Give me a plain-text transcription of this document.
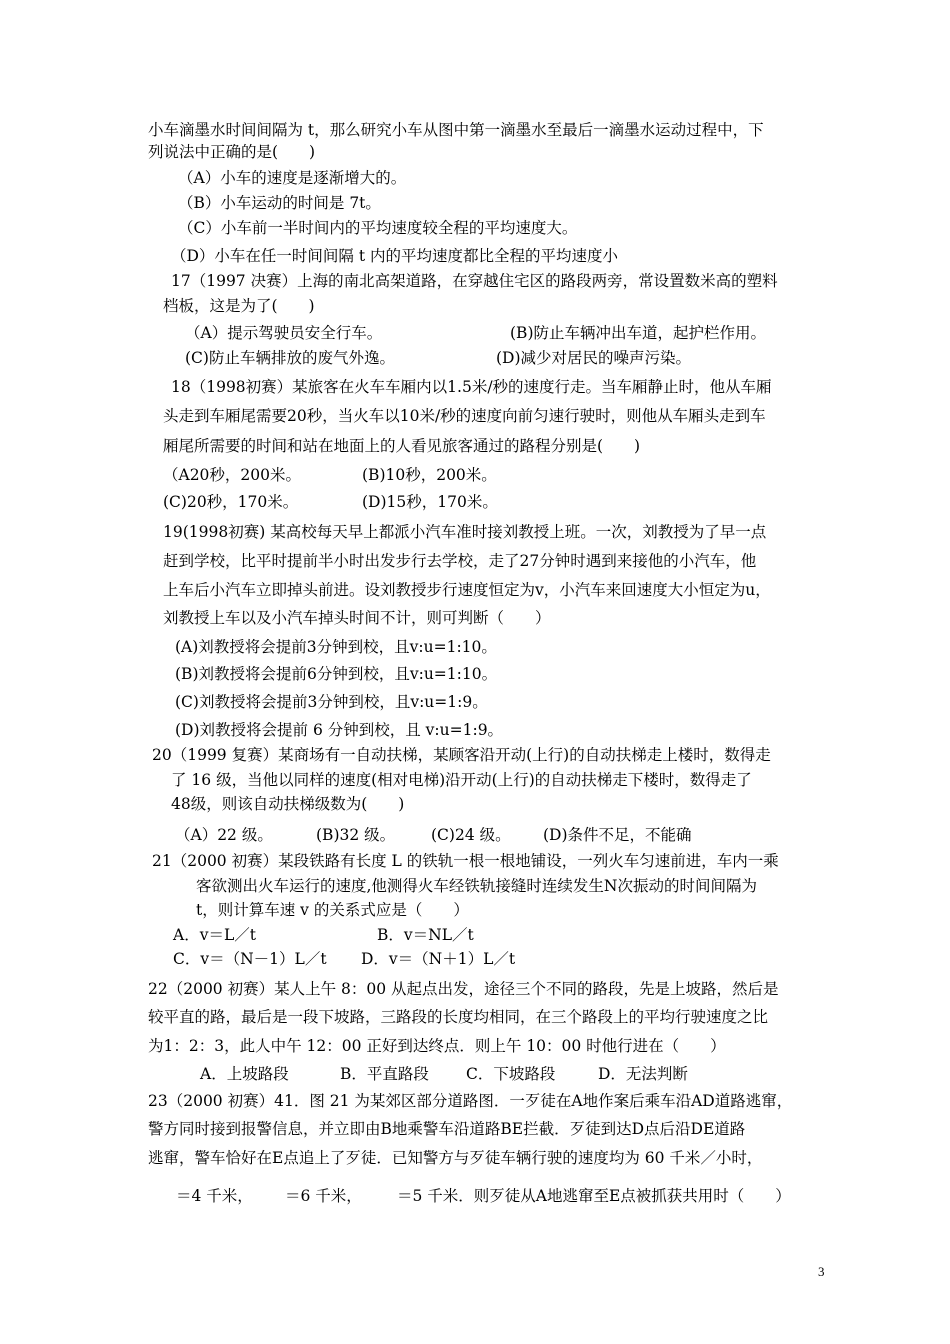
小车滴墨水时间间隔为 t，那么研究小车从图中第一滴墨水至最后一滴墨水运动过程中，下
列说法中正确的是(　　)
（A）小车的速度是逐渐增大的。
（B）小车运动的时间是 7t。
（C）小车前一半时间内的平均速度较全程的平均速度大。
（D）小车在任一时间间隔 t 内的平均速度都比全程的平均速度小
17（1997 决赛）上海的南北高架道路，在穿越住宅区的路段两旁，常设置数米高的塑料
档板，这是为了(　　)
（A）提示驾驶员安全行车。	(B)防止车辆冲出车道，起护栏作用。
(C)防止车辆排放的废气外逸。	(D)减少对居民的噪声污染。
18（1998初赛）某旅客在火车车厢内以1.5米/秒的速度行走。当车厢静止时，他从车厢
头走到车厢尾需要20秒，当火车以10米/秒的速度向前匀速行驶时，则他从车厢头走到车
厢尾所需要的时间和站在地面上的人看见旅客通过的路程分别是(　　)
（A20秒，200米。	(B)10秒，200米。
(C)20秒，170米。	(D)15秒，170米。
19(1998初赛) 某高校每天早上都派小汽车准时接刘教授上班。一次，刘教授为了早一点
赶到学校，比平时提前半小时出发步行去学校，走了27分钟时遇到来接他的小汽车，他
上车后小汽车立即掉头前进。设刘教授步行速度恒定为v，小汽车来回速度大小恒定为u，
刘教授上车以及小汽车掉头时间不计，则可判断（　　）
(A)刘教授将会提前3分钟到校，且v:u=1:10。
(B)刘教授将会提前6分钟到校，且v:u=1:10。
(C)刘教授将会提前3分钟到校，且v:u=1:9。
(D)刘教授将会提前 6 分钟到校，且 v:u=1:9。
20（1999 复赛）某商场有一自动扶梯，某顾客沿开动(上行)的自动扶梯走上楼时，数得走
了 16 级，当他以同样的速度(相对电梯)沿开动(上行)的自动扶梯走下楼时，数得走了
48级，则该自动扶梯级数为(　　)
（A）22 级。	(B)32 级。 (C)24 级。 (D)条件不足，不能确
21（2000 初赛）某段铁路有长度 L 的铁轨一根一根地铺设，一列火车匀速前进，车内一乘
客欲测出火车运行的速度,他测得火车经铁轨接缝时连续发生N次振动的时间间隔为
t，则计算车速 v 的关系式应是（　　）
A．v＝L／t	B．v＝NL／t
C．v＝（N－1）L／t D．v＝（N＋1）L／t
22（2000 初赛）某人上午 8：00 从起点出发，途径三个不同的路段，先是上坡路，然后是
较平直的路，最后是一段下坡路，三路段的长度均相同，在三个路段上的平均行驶速度之比
为1：2：3，此人中午 12：00 正好到达终点．则上午 10：00 时他行进在（　　）
A．上坡路段	B．平直路段 C．下坡路段	D．无法判断
23（2000 初赛）41．图 21 为某郊区部分道路图．一歹徒在A地作案后乘车沿AD道路逃窜，
警方同时接到报警信息，并立即由B地乘警车沿道路BE拦截．歹徒到达D点后沿DE道路
逃窜，警车恰好在E点追上了歹徒．已知警方与歹徒车辆行驶的速度均为 60 千米／小时，
＝4 千米， ＝6 千米， ＝5 千米．则歹徒从A地逃窜至E点被抓获共用时（　　）
3
